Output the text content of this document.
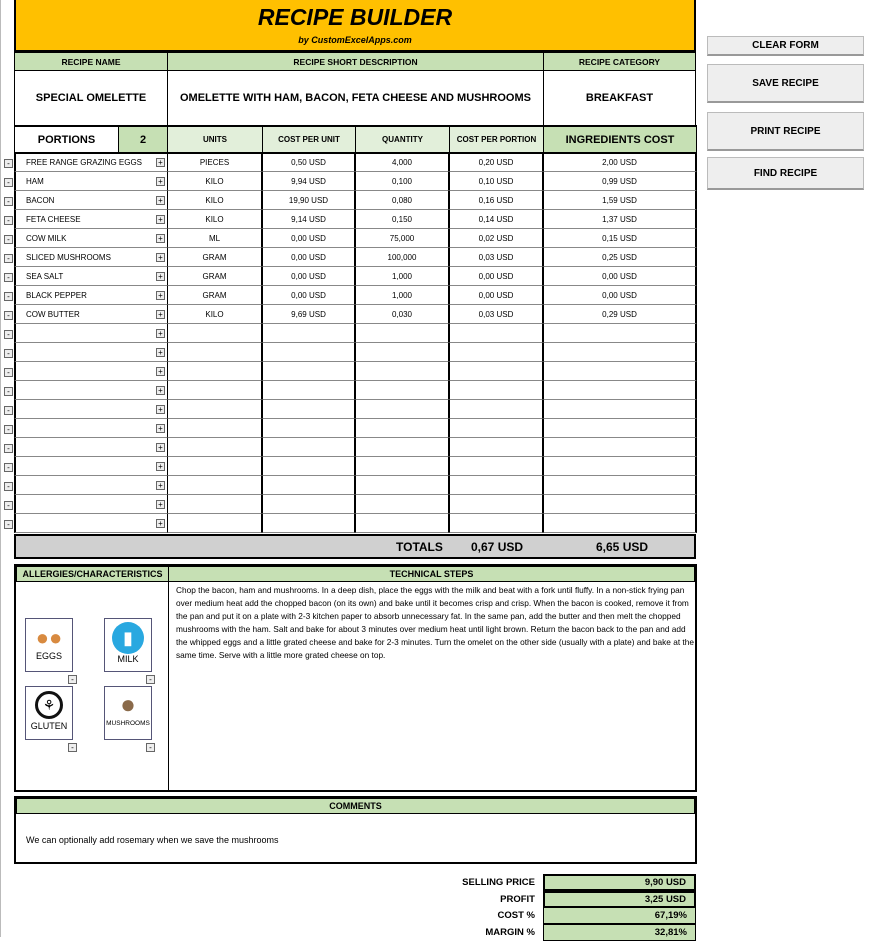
RECIPE BUILDER
by CustomExcelApps.com
RECIPE NAME	RECIPE SHORT DESCRIPTION	RECIPE CATEGORY
SPECIAL OMELETTE	OMELETTE WITH HAM, BACON, FETA CHEESE AND MUSHROOMS	BREAKFAST
PORTIONS	2	UNITS	COST PER UNIT	QUANTITY	COST PER PORTION	INGREDIENTS COST
-	FREE RANGE GRAZING EGGS +	PIECES	0,50 USD	4,000	0,20 USD	2,00 USD
-	HAM	+	KILO	9,94 USD	0,100	0,10 USD	0,99 USD
-	BACON	+	KILO	19,90 USD	0,080	0,16 USD	1,59 USD
-	FETA CHEESE	+	KILO	9,14 USD	0,150	0,14 USD	1,37 USD
-	COW MILK	+	ML	0,00 USD	75,000	0,02 USD	0,15 USD
-	SLICED MUSHROOMS	+	GRAM	0,00 USD	100,000	0,03 USD	0,25 USD
-	SEA SALT	+	GRAM	0,00 USD	1,000	0,00 USD	0,00 USD
-	BLACK PEPPER	+	GRAM	0,00 USD	1,000	0,00 USD	0,00 USD
-	COW BUTTER	+	KILO	9,69 USD	0,030	0,03 USD	0,29 USD
-	+
-	+
-	+
-	+
-	+
-	+
-	+
-	+
-	+
-	+
-	+
TOTALS 0,67 USD	6,65 USD
CLEAR FORM
SAVE RECIPE
PRINT RECIPE
FIND RECIPE
ALLERGIES/CHARACTERISTICS	TECHNICAL STEPS
Chop the bacon, ham and mushrooms. In a deep dish, place the eggs with the milk and beat with a fork until fluffy. In a non-stick frying pan over medium heat add the chopped bacon (on its own) and bake until it becomes crisp and crisp. When the bacon is cooked, remove it from the pan and put it on a plate with 2-3 kitchen paper to absorb unnecessary fat. In the same pan, add the butter and then melt the chopped mushrooms with the ham. Salt and bake for about 3 minutes over medium heat until light brown. Return the bacon back to the pan and add the whipped eggs and a little grated cheese and bake for 2-3 minutes. Turn the omelet on the other side (usually with a plate) and bake at the same time. Serve with a little more grated cheese on top.
●●
EGGS
▮
MILK
⚘
GLUTEN
●
MUSHROOMS
-	-
-	-
COMMENTS
We can optionally add rosemary when we save the mushrooms
SELLING PRICE	9,90 USD
PROFIT	3,25 USD
COST %	67,19%
MARGIN %	32,81%
